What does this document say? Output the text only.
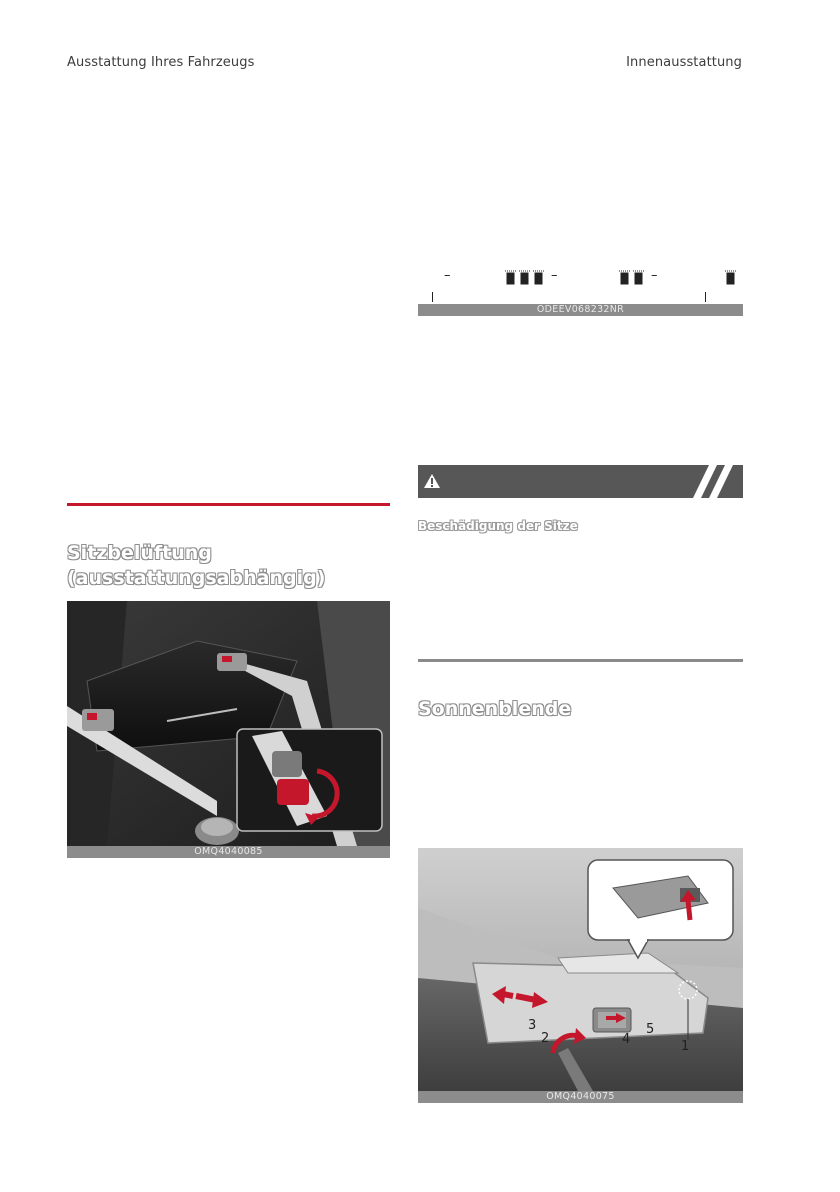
Ausstattung Ihres Fahrzeugs	Innenausstattung
–	–	–
ODEEV068232NR
Beschädigung der Sitze
Sitzbelüftung
(ausstattungsabhängig)
OMQ4040085
Sonnenblende
1
2
3
4
5
OMQ4040075
